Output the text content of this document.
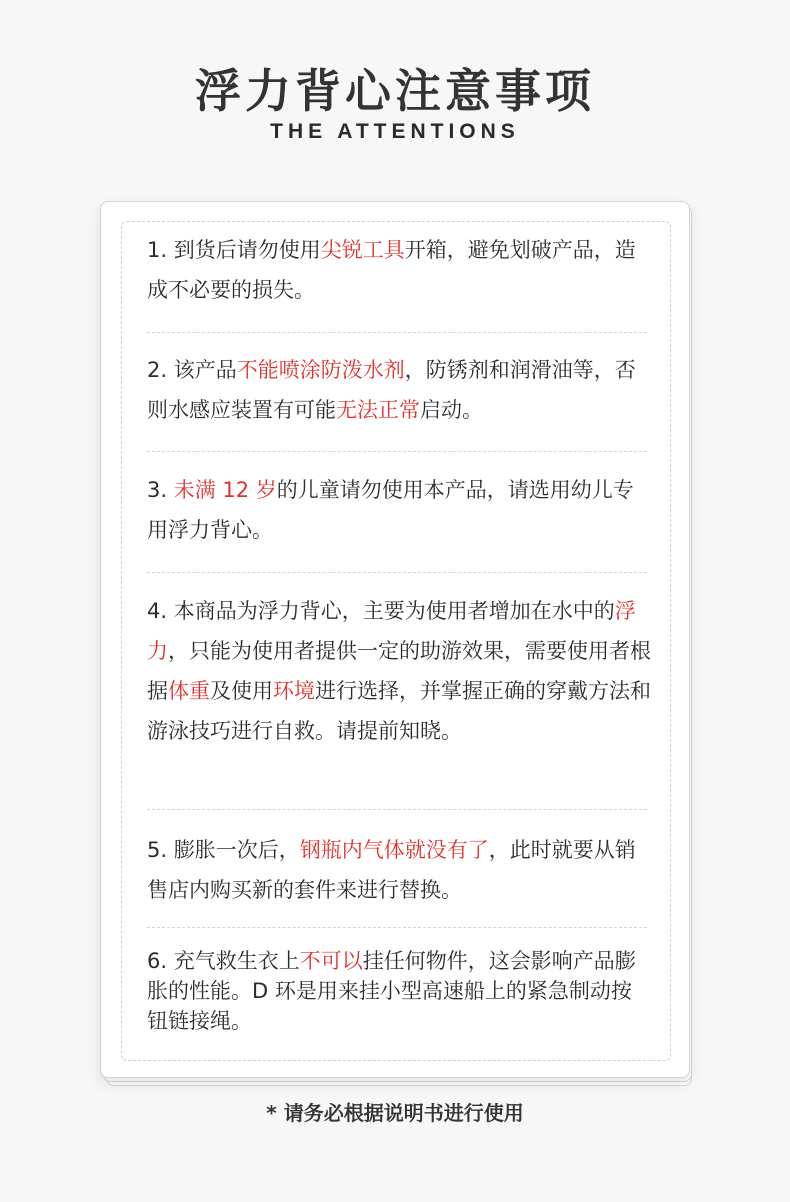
浮力背心注意事项
THE ATTENTIONS
1. 到货后请勿使用尖锐工具开箱，避免划破产品，造成不必要的损失。
2. 该产品不能喷涂防泼水剂，防锈剂和润滑油等，否则水感应装置有可能无法正常启动。
3. 未满 12 岁的儿童请勿使用本产品，请选用幼儿专用浮力背心。
4. 本商品为浮力背心，主要为使用者增加在水中的浮力，只能为使用者提供一定的助游效果，需要使用者根据体重及使用环境进行选择，并掌握正确的穿戴方法和游泳技巧进行自救。请提前知晓。
5. 膨胀一次后，钢瓶内气体就没有了，此时就要从销售店内购买新的套件来进行替换。
6. 充气救生衣上不可以挂任何物件，这会影响产品膨胀的性能。D 环是用来挂小型高速船上的紧急制动按钮链接绳。
* 请务必根据说明书进行使用
